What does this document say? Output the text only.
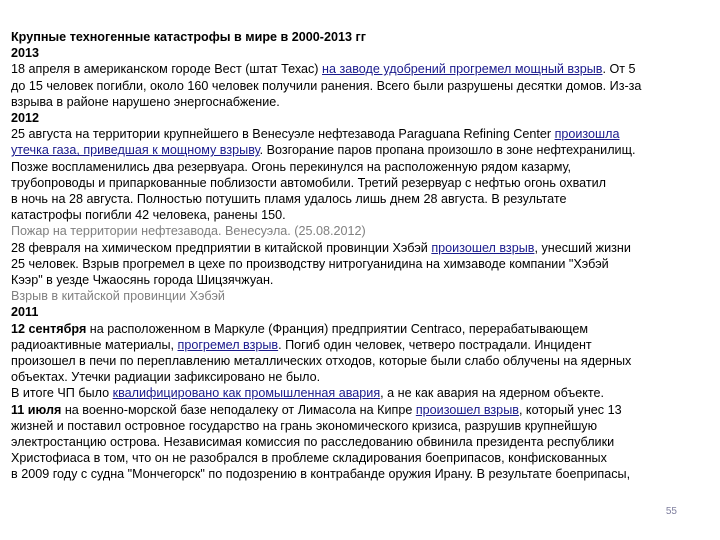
Крупные техногенные катастрофы в мире в 2000-2013 гг
2013
18 апреля в американском городе Вест (штат Техас) на заводе удобрений прогремел мощный взрыв. От 5
до 15 человек погибли, около 160 человек получили ранения. Всего были разрушены десятки домов. Из-за
взрыва в районе нарушено энергоснабжение.
2012
25 августа на территории крупнейшего в Венесуэле нефтезавода Paraguana Refining Center произошла
утечка газа, приведшая к мощному взрыву. Возгорание паров пропана произошло в зоне нефтехранилищ.
Позже воспламенились два резервуара. Огонь перекинулся на расположенную рядом казарму,
трубопроводы и припаркованные поблизости автомобили. Третий резервуар с нефтью огонь охватил
в ночь на 28 августа. Полностью потушить пламя удалось лишь днем 28 августа. В результате
катастрофы погибли 42 человека, ранены 150.
Пожар на территории нефтезавода. Венесуэла. (25.08.2012)
28 февраля на химическом предприятии в китайской провинции Хэбэй произошел взрыв, унесший жизни
25 человек. Взрыв прогремел в цехе по производству нитрогуанидина на химзаводе компании "Хэбэй
Кээр" в уезде Чжаосянь города Шицзячжуан.
Взрыв в китайской провинции Хэбэй
2011
12 сентября на расположенном в Маркуле (Франция) предприятии Centraco, перерабатывающем
радиоактивные материалы, прогремел взрыв. Погиб один человек, четверо пострадали. Инцидент
произошел в печи по переплавлению металлических отходов, которые были слабо облучены на ядерных
объектах. Утечки радиации зафиксировано не было.
В итоге ЧП было квалифицировано как промышленная авария, а не как авария на ядерном объекте.
11 июля на военно-морской базе неподалеку от Лимасола на Кипре произошел взрыв, который унес 13
жизней и поставил островное государство на грань экономического кризиса, разрушив крупнейшую
электростанцию острова. Независимая комиссия по расследованию обвинила президента республики
Христофиаса в том, что он не разобрался в проблеме складирования боеприпасов, конфискованных
в 2009 году с судна "Мончегорск" по подозрению в контрабанде оружия Ирану. В результате боеприпасы,
55
